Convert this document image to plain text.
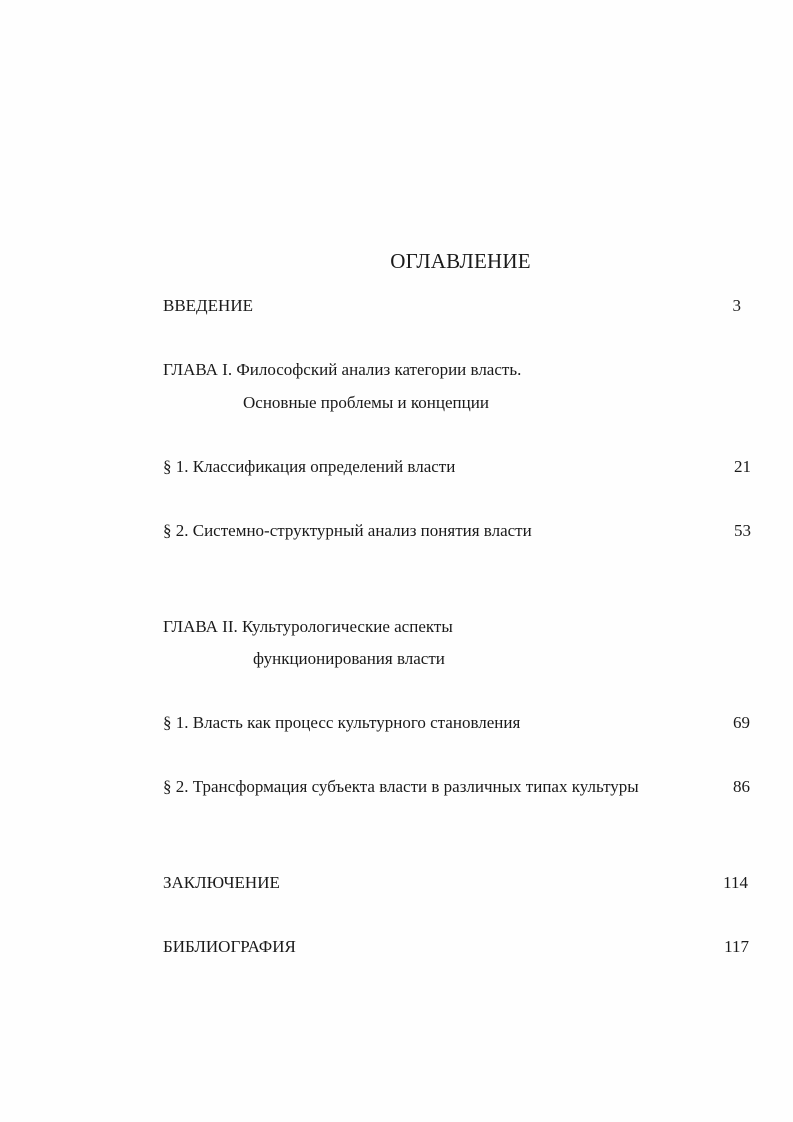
ОГЛАВЛЕНИЕ
ВВЕДЕНИЕ	3
ГЛАВА I. Философский анализ категории власть.
Основные проблемы и концепции
§ 1. Классификация определений власти	21
§ 2. Системно-структурный анализ понятия власти	53
ГЛАВА II. Культурологические аспекты
функционирования власти
§ 1. Власть как процесс культурного становления	69
§ 2. Трансформация субъекта власти в различных типах культуры	86
ЗАКЛЮЧЕНИЕ	114
БИБЛИОГРАФИЯ	117
